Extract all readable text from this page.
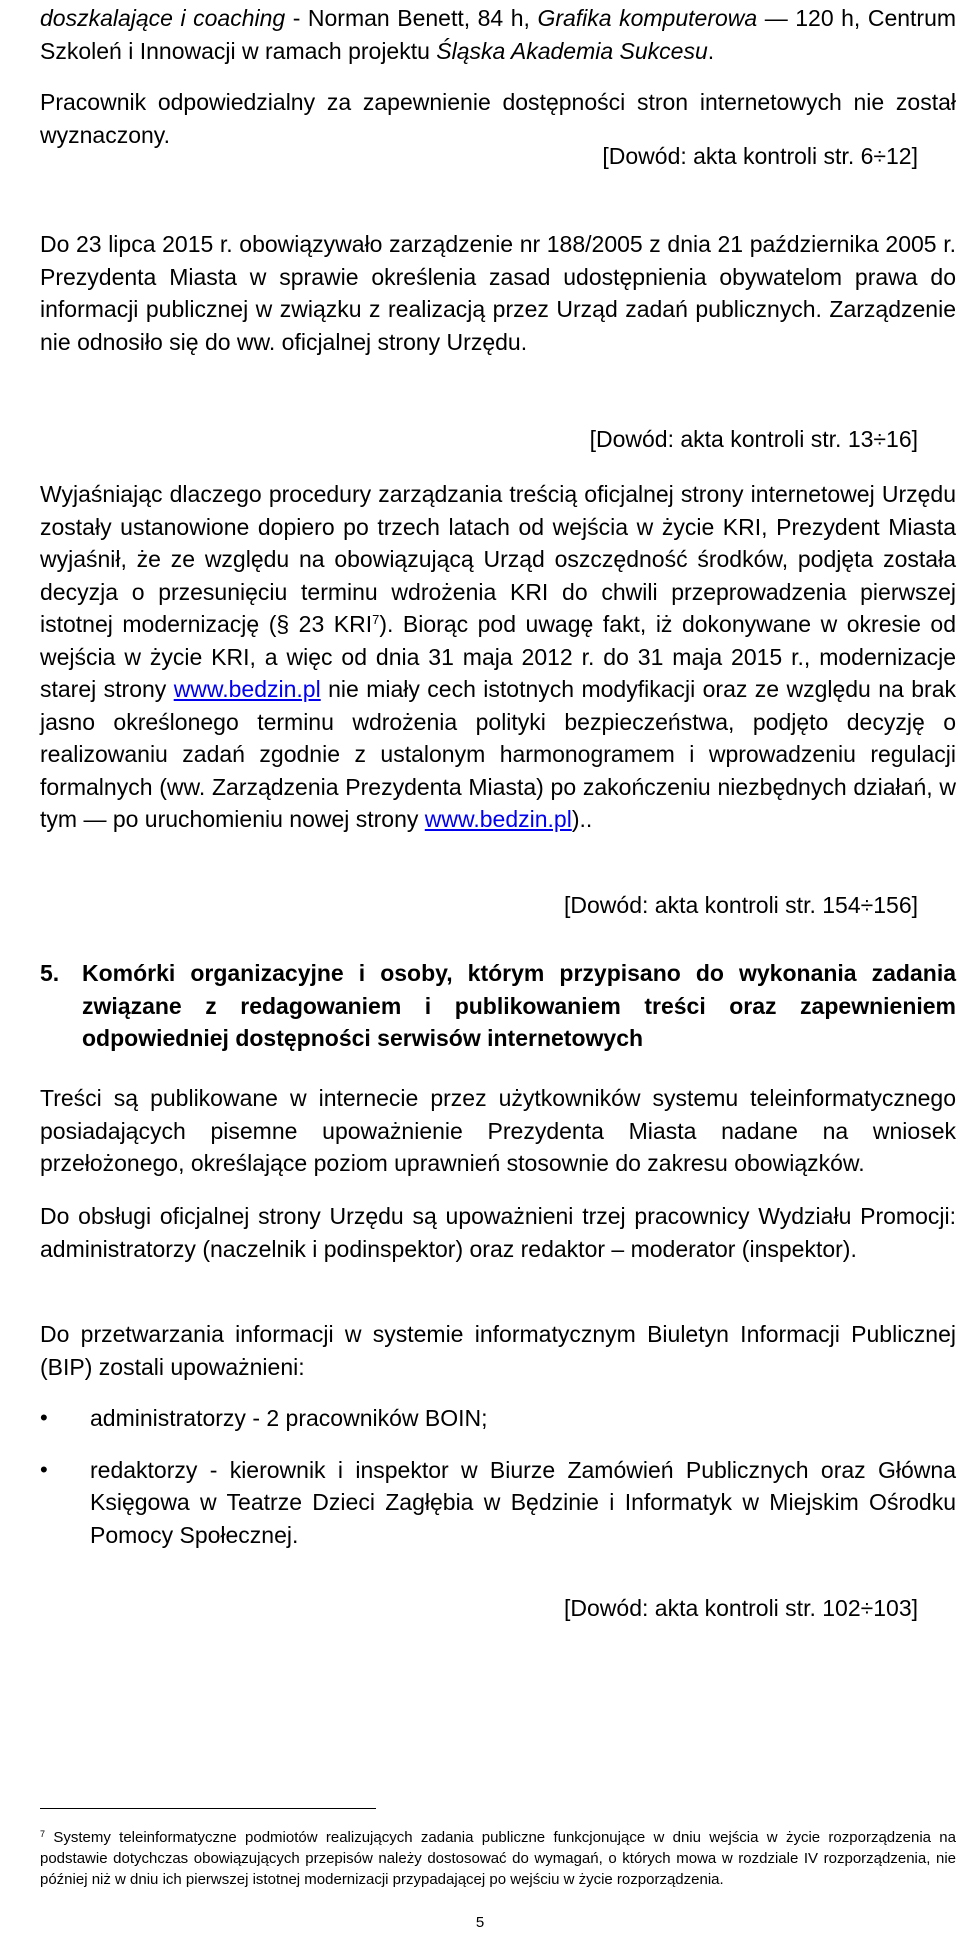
doszkalające i coaching - Norman Benett, 84 h, Grafika komputerowa — 120 h, Centrum Szkoleń i Innowacji w ramach projektu Śląska Akademia Sukcesu.

Pracownik odpowiedzialny za zapewnienie dostępności stron internetowych nie został wyznaczony.

[Dowód: akta kontroli str. 6÷12]

Do 23 lipca 2015 r. obowiązywało zarządzenie nr 188/2005 z dnia 21 października 2005 r. Prezydenta Miasta w sprawie określenia zasad udostępnienia obywatelom prawa do informacji publicznej w związku z realizacją przez Urząd zadań publicznych. Zarządzenie nie odnosiło się do ww. oficjalnej strony Urzędu.

[Dowód: akta kontroli str. 13÷16]

Wyjaśniając dlaczego procedury zarządzania treścią oficjalnej strony internetowej Urzędu zostały ustanowione dopiero po trzech latach od wejścia w życie KRI, Prezydent Miasta wyjaśnił, że ze względu na obowiązującą Urząd oszczędność środków, podjęta została decyzja o przesunięciu terminu wdrożenia KRI do chwili przeprowadzenia pierwszej istotnej modernizację (§ 23 KRI$^7$). Biorąc pod uwagę fakt, iż dokonywane w okresie od wejścia w życie KRI, a więc od dnia 31 maja 2012 r. do 31 maja 2015 r., modernizacje starej strony www.bedzin.pl nie miały cech istotnych modyfikacji oraz ze względu na brak jasno określonego terminu wdrożenia polityki bezpieczeństwa, podjęto decyzję o realizowaniu zadań zgodnie z ustalonym harmonogramem i wprowadzeniu regulacji formalnych (ww. Zarządzenia Prezydenta Miasta) po zakończeniu niezbędnych działań, w tym — po uruchomieniu nowej strony www.bedzin.pl)..

[Dowód: akta kontroli str. 154÷156]

5. Komórki organizacyjne i osoby, którym przypisano do wykonania zadania związane z redagowaniem i publikowaniem treści oraz zapewnieniem odpowiedniej dostępności serwisów internetowych

Treści są publikowane w internecie przez użytkowników systemu teleinformatycznego posiadających pisemne upoważnienie Prezydenta Miasta nadane na wniosek przełożonego, określające poziom uprawnień stosownie do zakresu obowiązków.

Do obsługi oficjalnej strony Urzędu są upoważnieni trzej pracownicy Wydziału Promocji: administratorzy (naczelnik i podinspektor) oraz redaktor – moderator (inspektor).

Do przetwarzania informacji w systemie informatycznym Biuletyn Informacji Publicznej (BIP) zostali upoważnieni:

•	administratorzy - 2 pracowników BOIN;
•	redaktorzy - kierownik i inspektor w Biurze Zamówień Publicznych oraz Główna Księgowa w Teatrze Dzieci Zagłębia w Będzinie i Informatyk w Miejskim Ośrodku Pomocy Społecznej.

[Dowód: akta kontroli str. 102÷103]

$^7$ Systemy teleinformatyczne podmiotów realizujących zadania publiczne funkcjonujące w dniu wejścia w życie rozporządzenia na podstawie dotychczas obowiązujących przepisów należy dostosować do wymagań, o których mowa w rozdziale IV rozporządzenia, nie później niż w dniu ich pierwszej istotnej modernizacji przypadającej po wejściu w życie rozporządzenia.
5
